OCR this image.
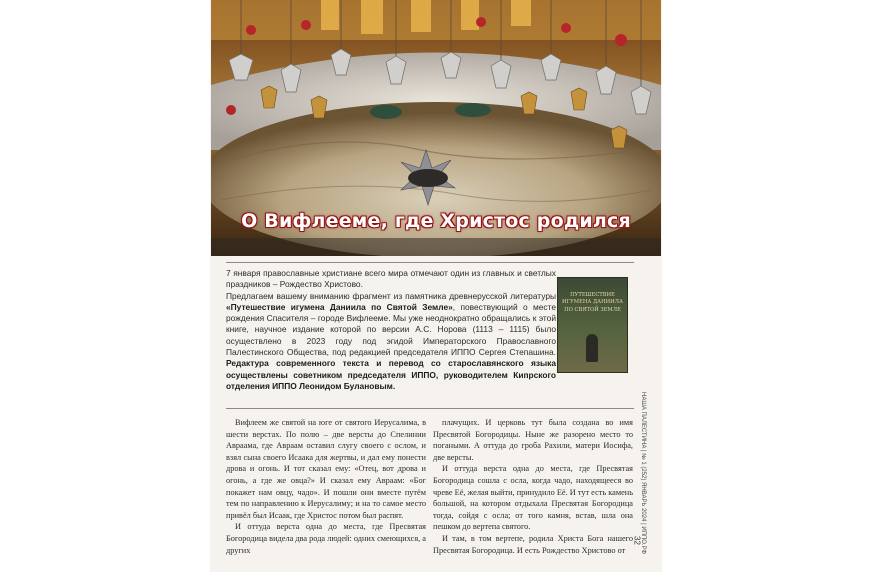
О Вифлееме, где Христос родился

7 января православные христиане всего мира отмечают один из главных и светлых праздников – Рождество Христово.

Предлагаем вашему вниманию фрагмент из памятника древнерусской литературы «Путешествие игумена Даниила по Святой Земле», повествующий о месте рождения Спасителя – городе Вифлееме. Мы уже неоднократно обращались к этой книге, научное издание которой по версии А.С. Норова (1113 – 1115) было осуществлено в 2023 году под эгидой Императорского Православного Палестинского Общества, под редакцией председателя ИППО Сергея Степашина. Редактура современного текста и перевод со старославянского языка осуществлены советником председателя ИППО, руководителем Кипрского отделения ИППО Леонидом Булановым.

ПУТЕШЕСТВИЕ ИГУМЕНА ДАНИИЛА ПО СВЯТОЙ ЗЕМЛЕ

Вифлеем же святой на юге от святого Иерусалима, в шести верстах. По полю – две версты до Спелинии Авраама, где Авраам оставил слугу своего с ослом, и взял сына своего Исаака для жертвы, и дал ему понести дрова и огонь. И тот сказал ему: «Отец, вот дрова и огонь, а где же овца?» И сказал ему Авраам: «Бог покажет нам овцу, чадо». И пошли они вместе путём тем по направлению к Иерусалиму; и на то самое место привёл был Исаак, где Христос потом был распят.

И оттуда верста одна до места, где Пресвятая Богородица видела два рода людей: одних смеющихся, а других

плачущих. И церковь тут была создана во имя Пресвятой Богородицы. Ныне же разорено место то погаными. А оттуда до гроба Рахили, матери Иосифа, две версты.

И оттуда верста одна до места, где Пресвятая Богородица сошла с осла, когда чадо, находящееся во чреве Её, желая выйти, принудило Её. И тут есть камень большой, на котором отдыхала Пресвятая Богородица тогда, сойдя с осла; от того камня, встав, шла она пешком до вертепа святого.

И там, в том вертепе, родила Христа Бога нашего Пресвятая Богородица. И есть Рождество Христово от	НАША ПАЛЕСТИНА | № 1 (252) ЯНВАРЬ 2024 | ИППО.РФ
32
